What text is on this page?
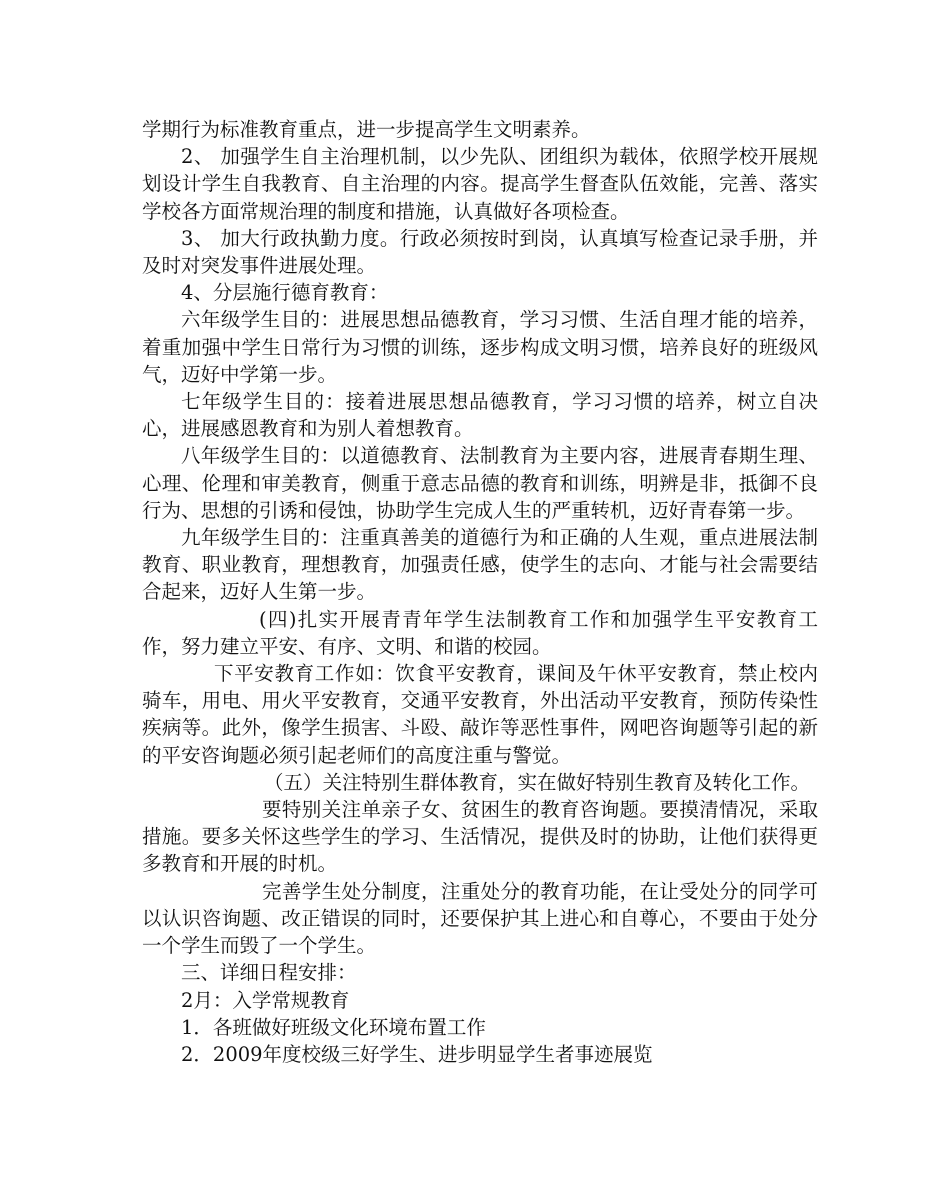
学期行为标准教育重点，进一步提高学生文明素养。

2、 加强学生自主治理机制，以少先队、团组织为载体，依照学校开展规划设计学生自我教育、自主治理的内容。提高学生督查队伍效能，完善、落实学校各方面常规治理的制度和措施，认真做好各项检查。

3、 加大行政执勤力度。行政必须按时到岗，认真填写检查记录手册，并及时对突发事件进展处理。

4、分层施行德育教育：

六年级学生目的：进展思想品德教育，学习习惯、生活自理才能的培养，着重加强中学生日常行为习惯的训练，逐步构成文明习惯，培养良好的班级风气，迈好中学第一步。

七年级学生目的：接着进展思想品德教育，学习习惯的培养，树立自决心，进展感恩教育和为别人着想教育。

八年级学生目的：以道德教育、法制教育为主要内容，进展青春期生理、心理、伦理和审美教育，侧重于意志品德的教育和训练，明辨是非，抵御不良行为、思想的引诱和侵蚀，协助学生完成人生的严重转机，迈好青春第一步。

九年级学生目的：注重真善美的道德行为和正确的人生观，重点进展法制教育、职业教育，理想教育，加强责任感，使学生的志向、才能与社会需要结合起来，迈好人生第一步。

(四)扎实开展青青年学生法制教育工作和加强学生平安教育工作，努力建立平安、有序、文明、和谐的校园。

下平安教育工作如：饮食平安教育，课间及午休平安教育，禁止校内骑车，用电、用火平安教育，交通平安教育，外出活动平安教育，预防传染性疾病等。此外，像学生损害、斗殴、敲诈等恶性事件，网吧咨询题等引起的新的平安咨询题必须引起老师们的高度注重与警觉。

（五）关注特别生群体教育，实在做好特别生教育及转化工作。

要特别关注单亲子女、贫困生的教育咨询题。要摸清情况，采取措施。要多关怀这些学生的学习、生活情况，提供及时的协助，让他们获得更多教育和开展的时机。

完善学生处分制度，注重处分的教育功能，在让受处分的同学可以认识咨询题、改正错误的同时，还要保护其上进心和自尊心，不要由于处分一个学生而毁了一个学生。

三、详细日程安排：

2月：入学常规教育

1．各班做好班级文化环境布置工作

2．2009年度校级三好学生、进步明显学生者事迹展览
